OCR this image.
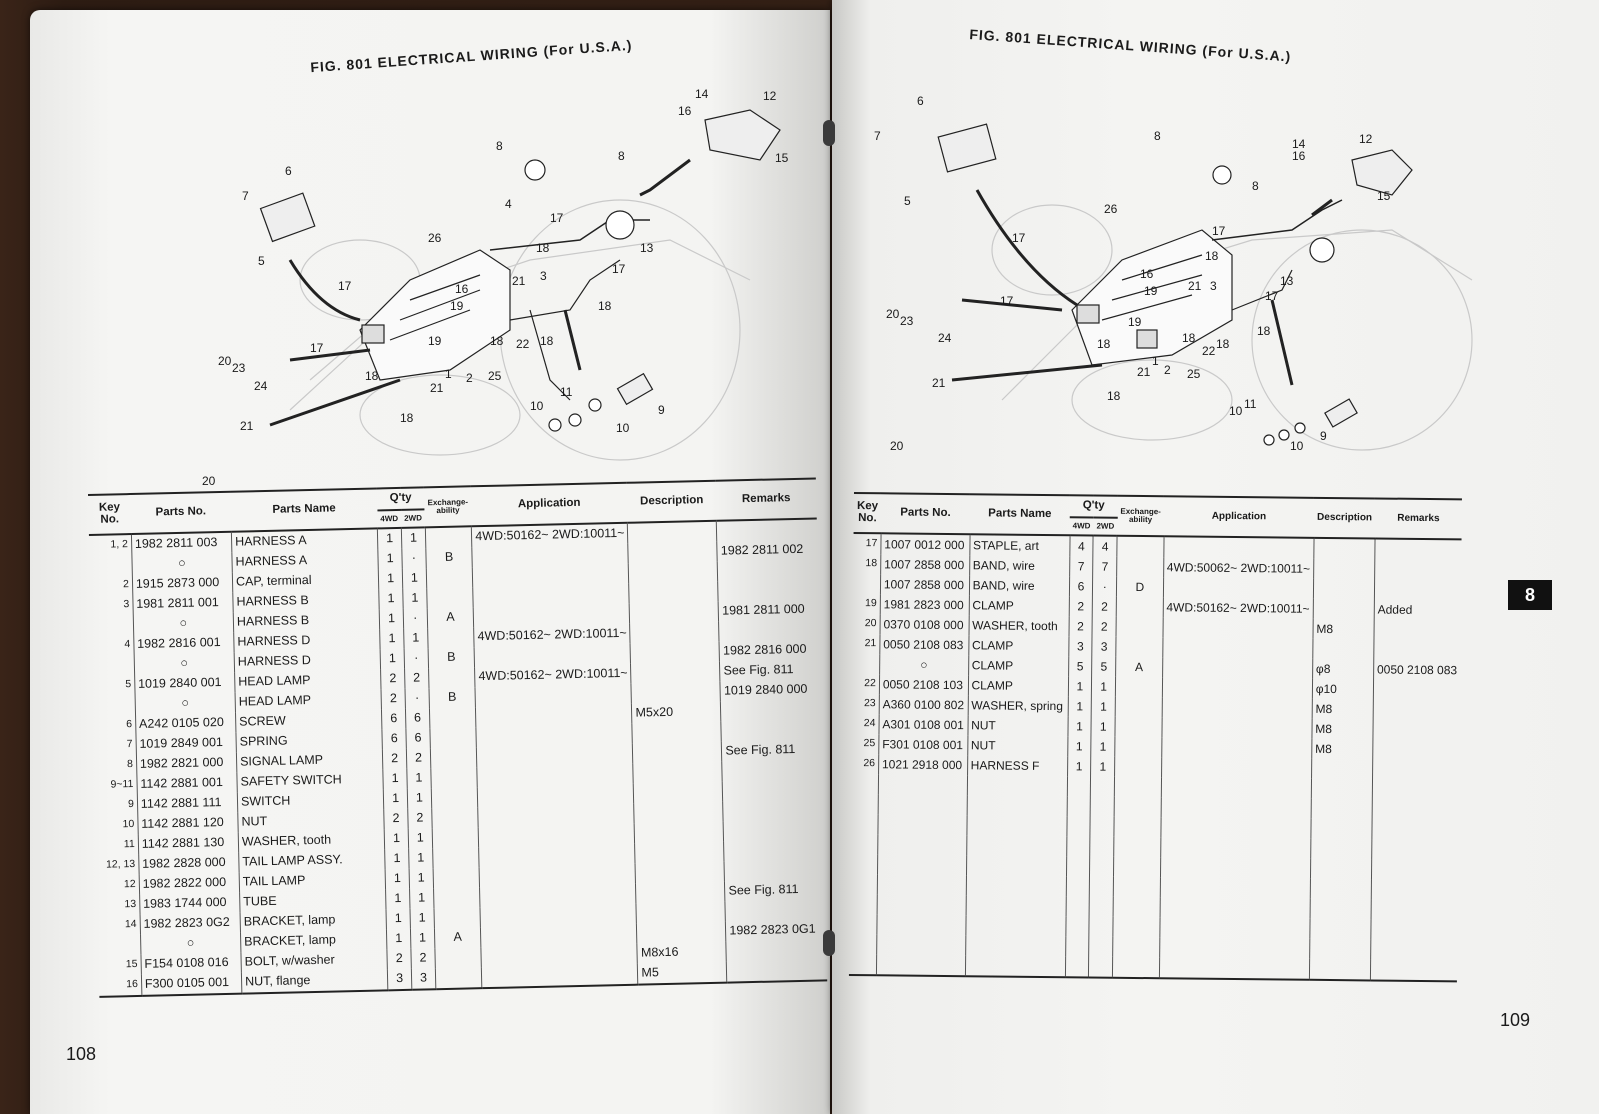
FIG. 801 ELECTRICAL WIRING (For U.S.A.)
6
7
5
8
8
4
26
16
17
17
17
17
18
18
18	18
18
18
19
19
1
21
21
2 25
22
3
13
14	12
15
16
20 23
24
21
20
10
10
11
9
Key No.	Parts No.	Parts Name	Q'ty		Exchange-ability	Application	Description	Remarks
			4WD	2WD				
1, 2	1982 2811 003	HARNESS A	1	1		4WD:50162~ 2WD:10011~		
	○	HARNESS A	1	·	B			1982 2811 002
2	1915 2873 000	CAP, terminal	1	1				
3	1981 2811 001	HARNESS B	1	1				
	○	HARNESS B	1	·	A			1981 2811 000
4	1982 2816 001	HARNESS D	1	1		4WD:50162~ 2WD:10011~		
	○	HARNESS D	1	·	B			1982 2816 000
5	1019 2840 001	HEAD LAMP	2	2		4WD:50162~ 2WD:10011~		See Fig. 811
	○	HEAD LAMP	2	·	B			1019 2840 000
6	A242 0105 020	SCREW	6	6			M5x20	
7	1019 2849 001	SPRING	6	6				
8	1982 2821 000	SIGNAL LAMP	2	2				See Fig. 811
9~11	1142 2881 001	SAFETY SWITCH	1	1				
9	1142 2881 111	SWITCH	1	1				
10	1142 2881 120	NUT	2	2				
11	1142 2881 130	WASHER, tooth	1	1				
12, 13	1982 2828 000	TAIL LAMP ASSY.	1	1				
12	1982 2822 000	TAIL LAMP	1	1				
13	1983 1744 000	TUBE	1	1				See Fig. 811
14	1982 2823 0G2	BRACKET, lamp	1	1				
	○	BRACKET, lamp	1	1	A			1982 2823 0G1
15	F154 0108 016	BOLT, w/washer	2	2			M8x16	
16	F300 0105 001	NUT, flange	3	3			M5	
108
FIG. 801 ELECTRICAL WIRING (For U.S.A.)
6
7
5
8
8
26
17
17
17
17
16
19
19
21
21
3
14	12
15
16
13
18
18
18
18
18
22 18
1
2 25
20 23
24
21
20
10
10
11
9
Key No.	Parts No.	Parts Name	Q'ty		Exchange-ability	Application	Description	Remarks
			4WD	2WD				
17	1007 0012 000	STAPLE, art	4	4				
18	1007 2858 000	BAND, wire	7	7		4WD:50062~ 2WD:10011~		
	1007 2858 000	BAND, wire	6	·	D			
19	1981 2823 000	CLAMP	2	2		4WD:50162~ 2WD:10011~		Added
20	0370 0108 000	WASHER, tooth	2	2			M8	
21	0050 2108 083	CLAMP	3	3				
	○	CLAMP	5	5	A		φ8	0050 2108 083
22	0050 2108 103	CLAMP	1	1			φ10	
23	A360 0100 802	WASHER, spring	1	1			M8	
24	A301 0108 001	NUT	1	1			M8	
25	F301 0108 001	NUT	1	1			M8	
26	1021 2918 000	HARNESS F	1	1				

109
8
